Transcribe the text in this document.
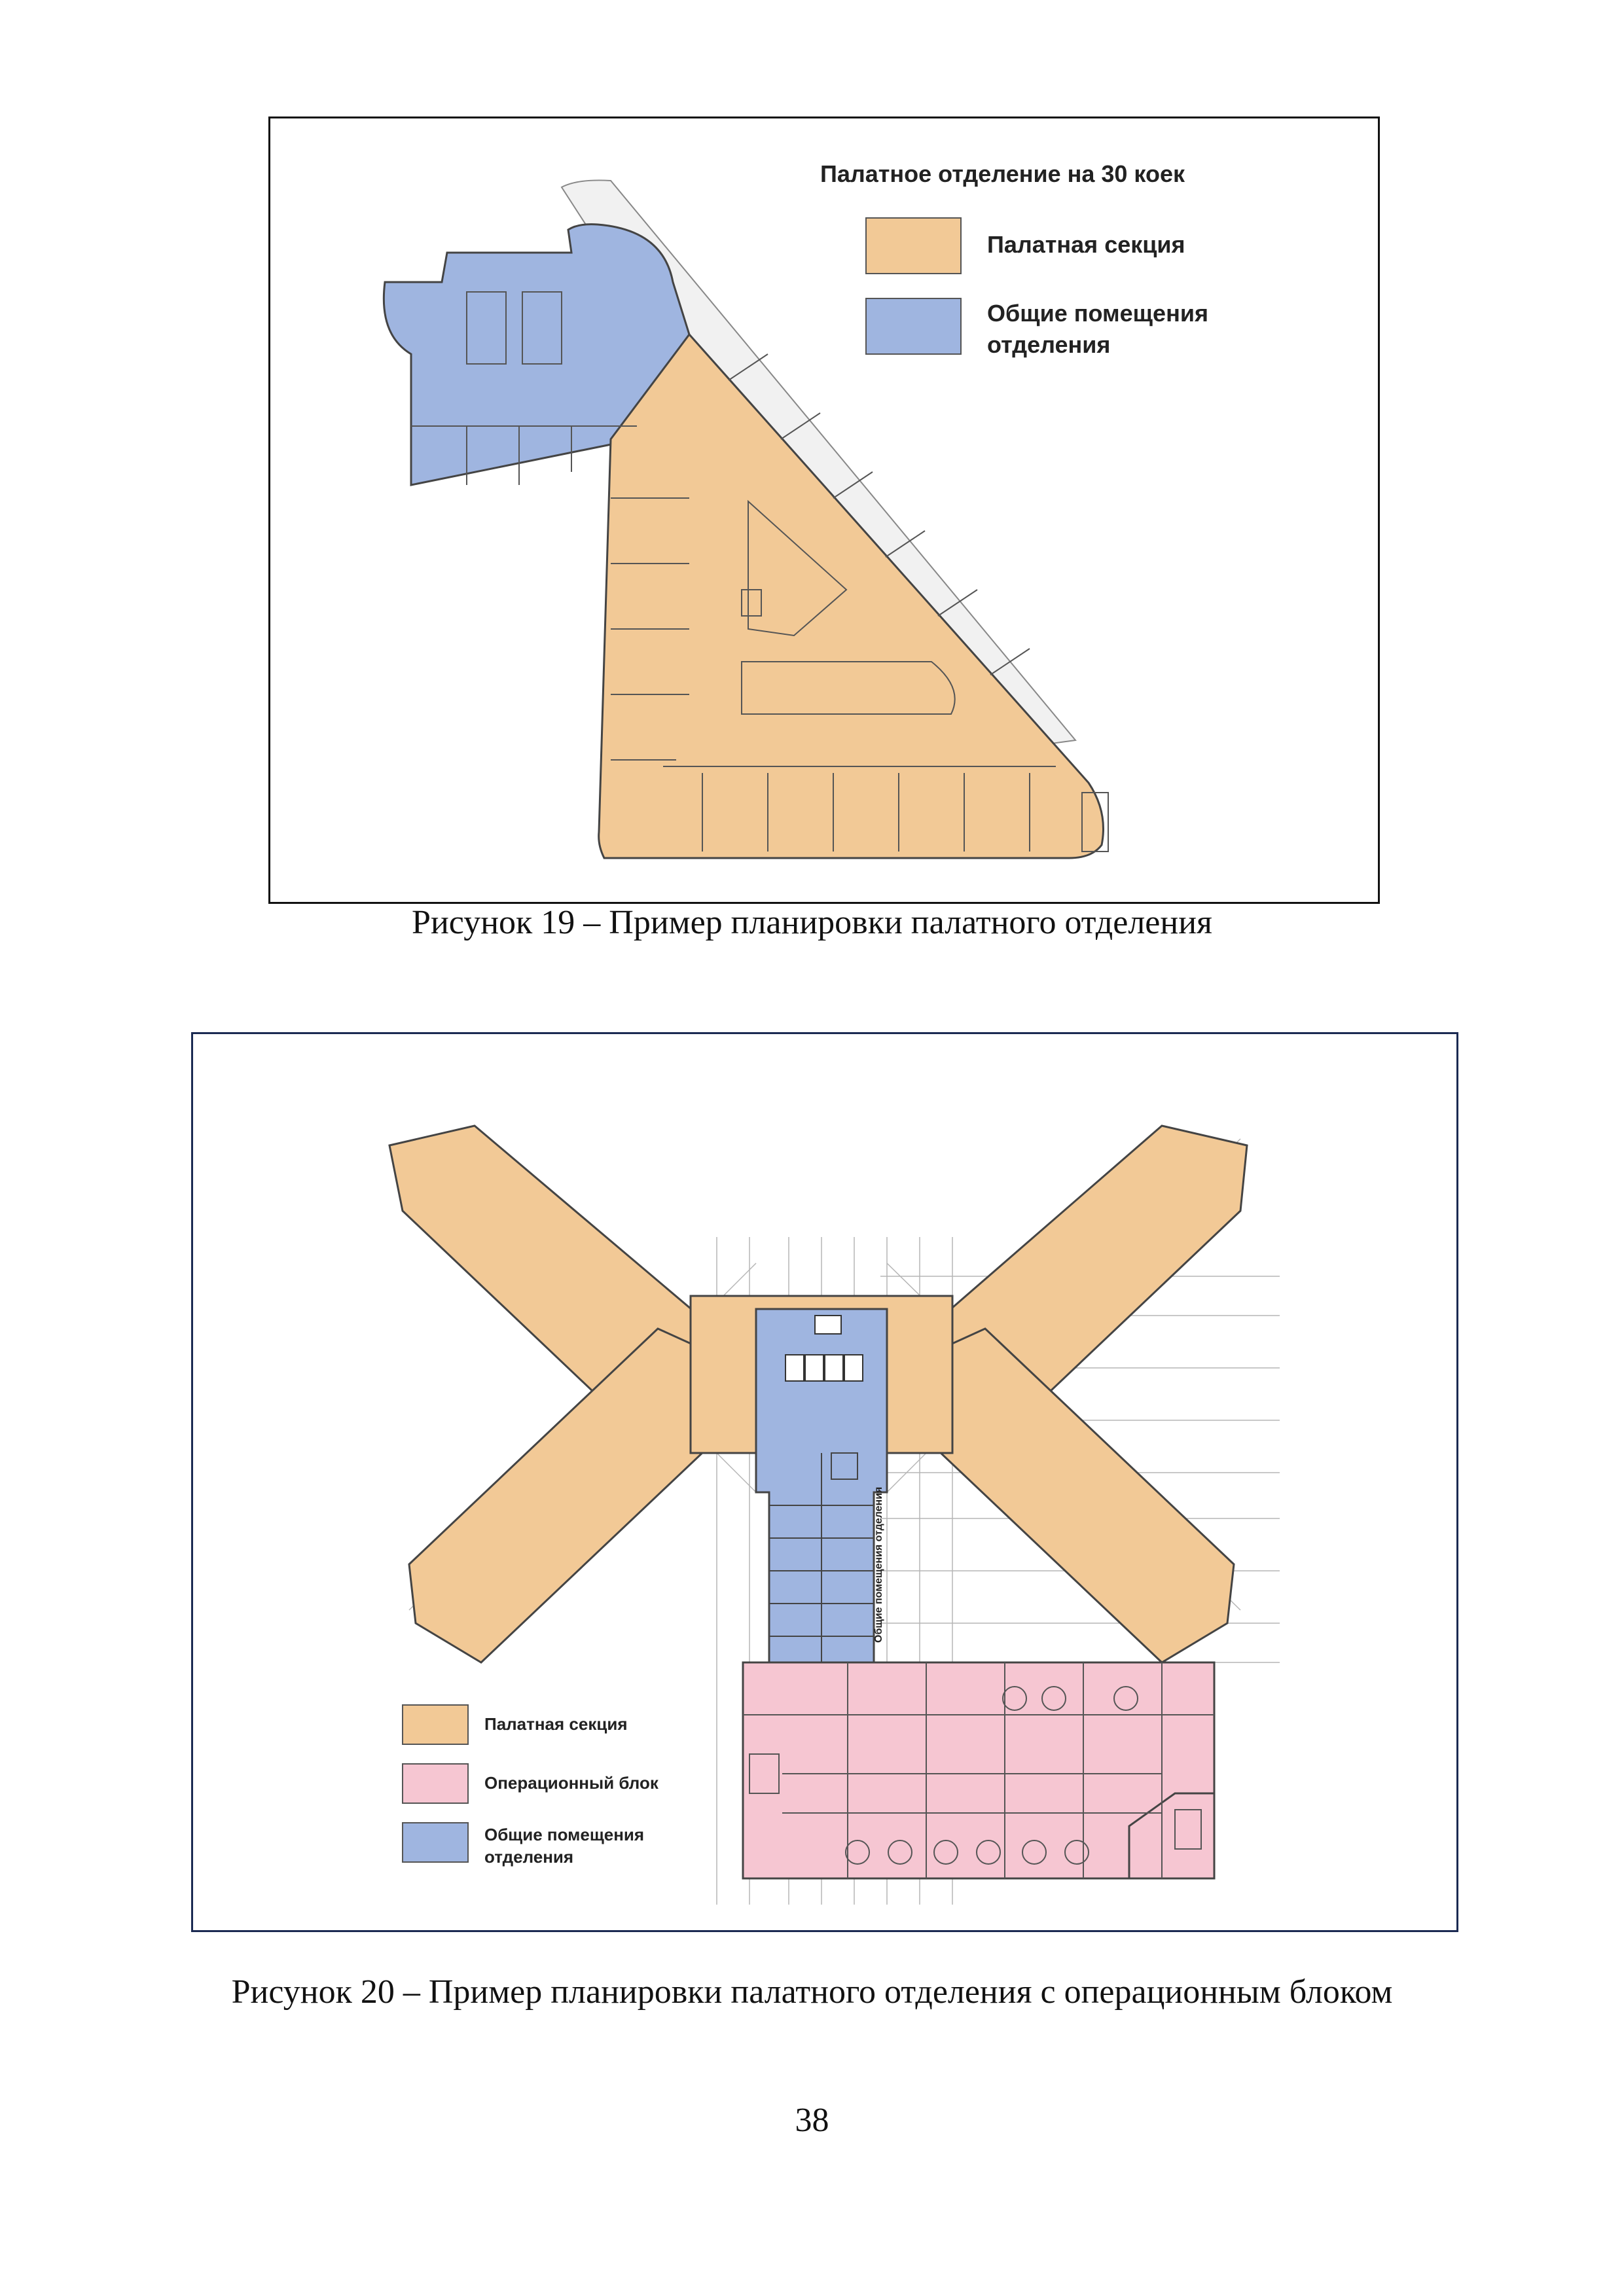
Палатное отделение на 30 коек
Палатная секция
Общие помещения
отделения
Рисунок 19 – Пример планировки палатного отделения
Общие помещения отделения
Палатная секция
Операционный блок
Общие помещения
отделения
Рисунок 20 – Пример планировки палатного отделения с операционным блоком
38
